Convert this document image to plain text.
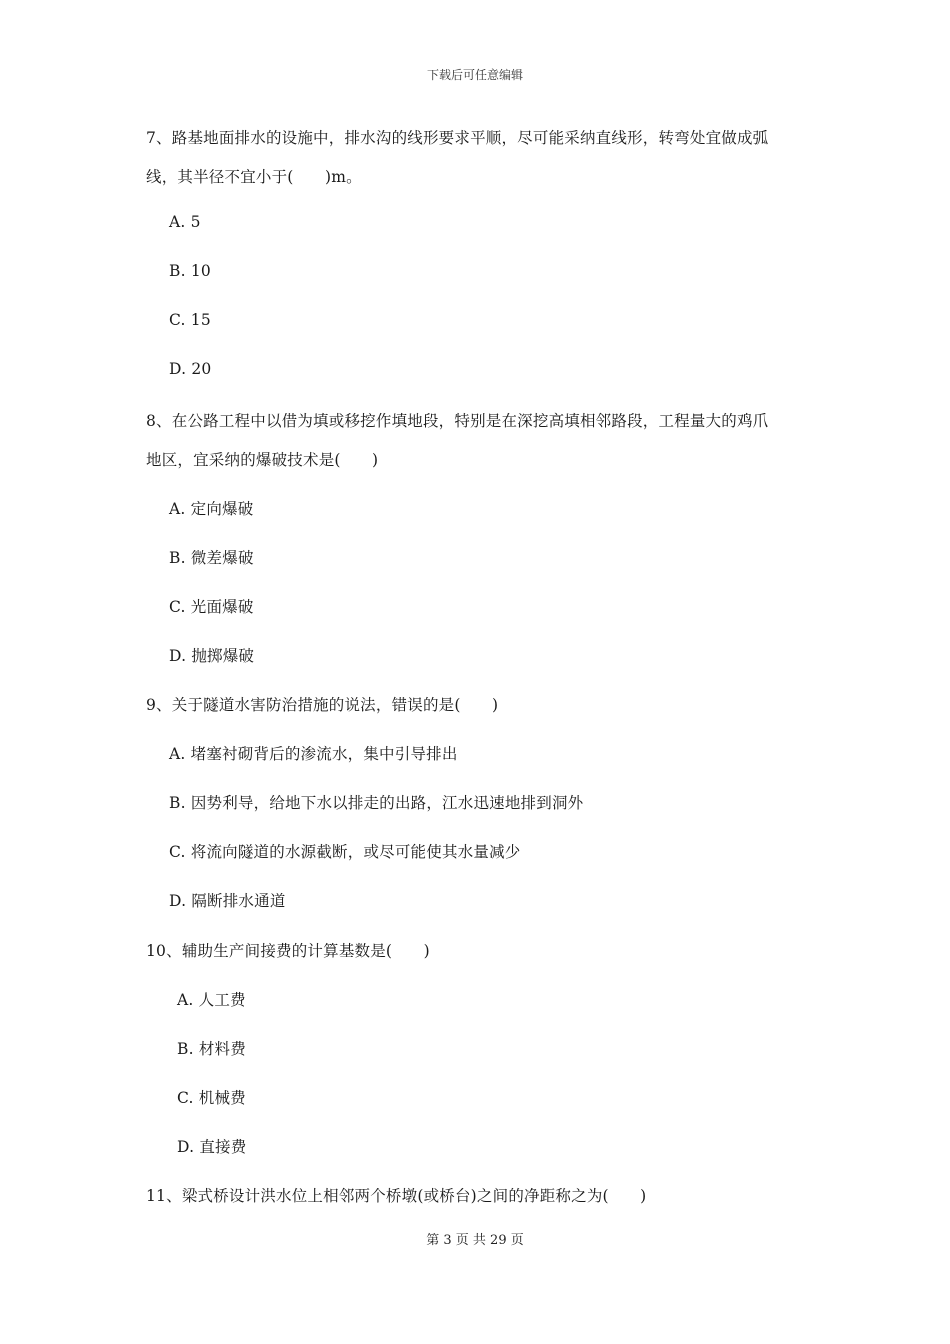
下载后可任意编辑
7、路基地面排水的设施中，排水沟的线形要求平顺，尽可能采纳直线形，转弯处宜做成弧
线，其半径不宜小于(　　)m。
A. 5
B. 10
C. 15
D. 20
8、在公路工程中以借为填或移挖作填地段，特别是在深挖高填相邻路段，工程量大的鸡爪
地区，宜采纳的爆破技术是(　　)
A. 定向爆破
B. 微差爆破
C. 光面爆破
D. 抛掷爆破
9、关于隧道水害防治措施的说法，错误的是(　　)
A. 堵塞衬砌背后的渗流水，集中引导排出
B. 因势利导，给地下水以排走的出路，江水迅速地排到洞外
C. 将流向隧道的水源截断，或尽可能使其水量减少
D. 隔断排水通道
10、辅助生产间接费的计算基数是(　　)
A. 人工费
B. 材料费
C. 机械费
D. 直接费
11、梁式桥设计洪水位上相邻两个桥墩(或桥台)之间的净距称之为(　　)
第 3 页 共 29 页
